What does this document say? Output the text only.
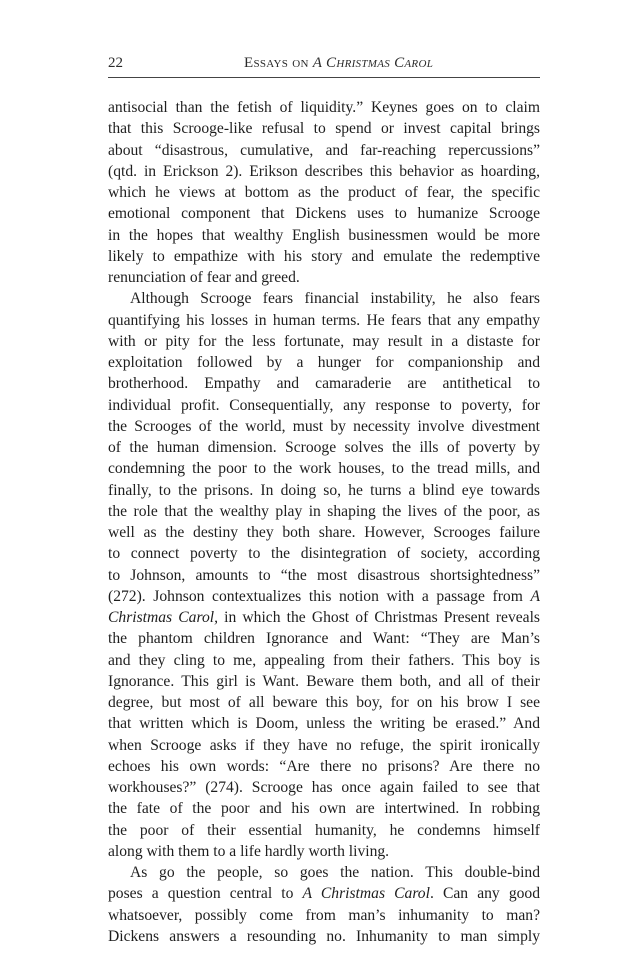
22	Essays on A Christmas Carol
antisocial than the fetish of liquidity.” Keynes goes on to claim
that this Scrooge-like refusal to spend or invest capital brings
about “disastrous, cumulative, and far-reaching repercussions”
(qtd. in Erickson 2). Erikson describes this behavior as hoarding,
which he views at bottom as the product of fear, the specific
emotional component that Dickens uses to humanize Scrooge
in the hopes that wealthy English businessmen would be more
likely to empathize with his story and emulate the redemptive
renunciation of fear and greed.
Although Scrooge fears financial instability, he also fears
quantifying his losses in human terms. He fears that any empathy
with or pity for the less fortunate, may result in a distaste for
exploitation followed by a hunger for companionship and
brotherhood. Empathy and camaraderie are antithetical to
individual profit. Consequentially, any response to poverty, for
the Scrooges of the world, must by necessity involve divestment
of the human dimension. Scrooge solves the ills of poverty by
condemning the poor to the work houses, to the tread mills, and
finally, to the prisons. In doing so, he turns a blind eye towards
the role that the wealthy play in shaping the lives of the poor, as
well as the destiny they both share. However, Scrooges failure
to connect poverty to the disintegration of society, according
to Johnson, amounts to “the most disastrous shortsightedness”
(272). Johnson contextualizes this notion with a passage from A
Christmas Carol, in which the Ghost of Christmas Present reveals
the phantom children Ignorance and Want: “They are Man’s
and they cling to me, appealing from their fathers. This boy is
Ignorance. This girl is Want. Beware them both, and all of their
degree, but most of all beware this boy, for on his brow I see
that written which is Doom, unless the writing be erased.” And
when Scrooge asks if they have no refuge, the spirit ironically
echoes his own words: “Are there no prisons? Are there no
workhouses?” (274). Scrooge has once again failed to see that
the fate of the poor and his own are intertwined. In robbing
the poor of their essential humanity, he condemns himself
along with them to a life hardly worth living.
As go the people, so goes the nation. This double-bind
poses a question central to A Christmas Carol. Can any good
whatsoever, possibly come from man’s inhumanity to man?
Dickens answers a resounding no. Inhumanity to man simply
